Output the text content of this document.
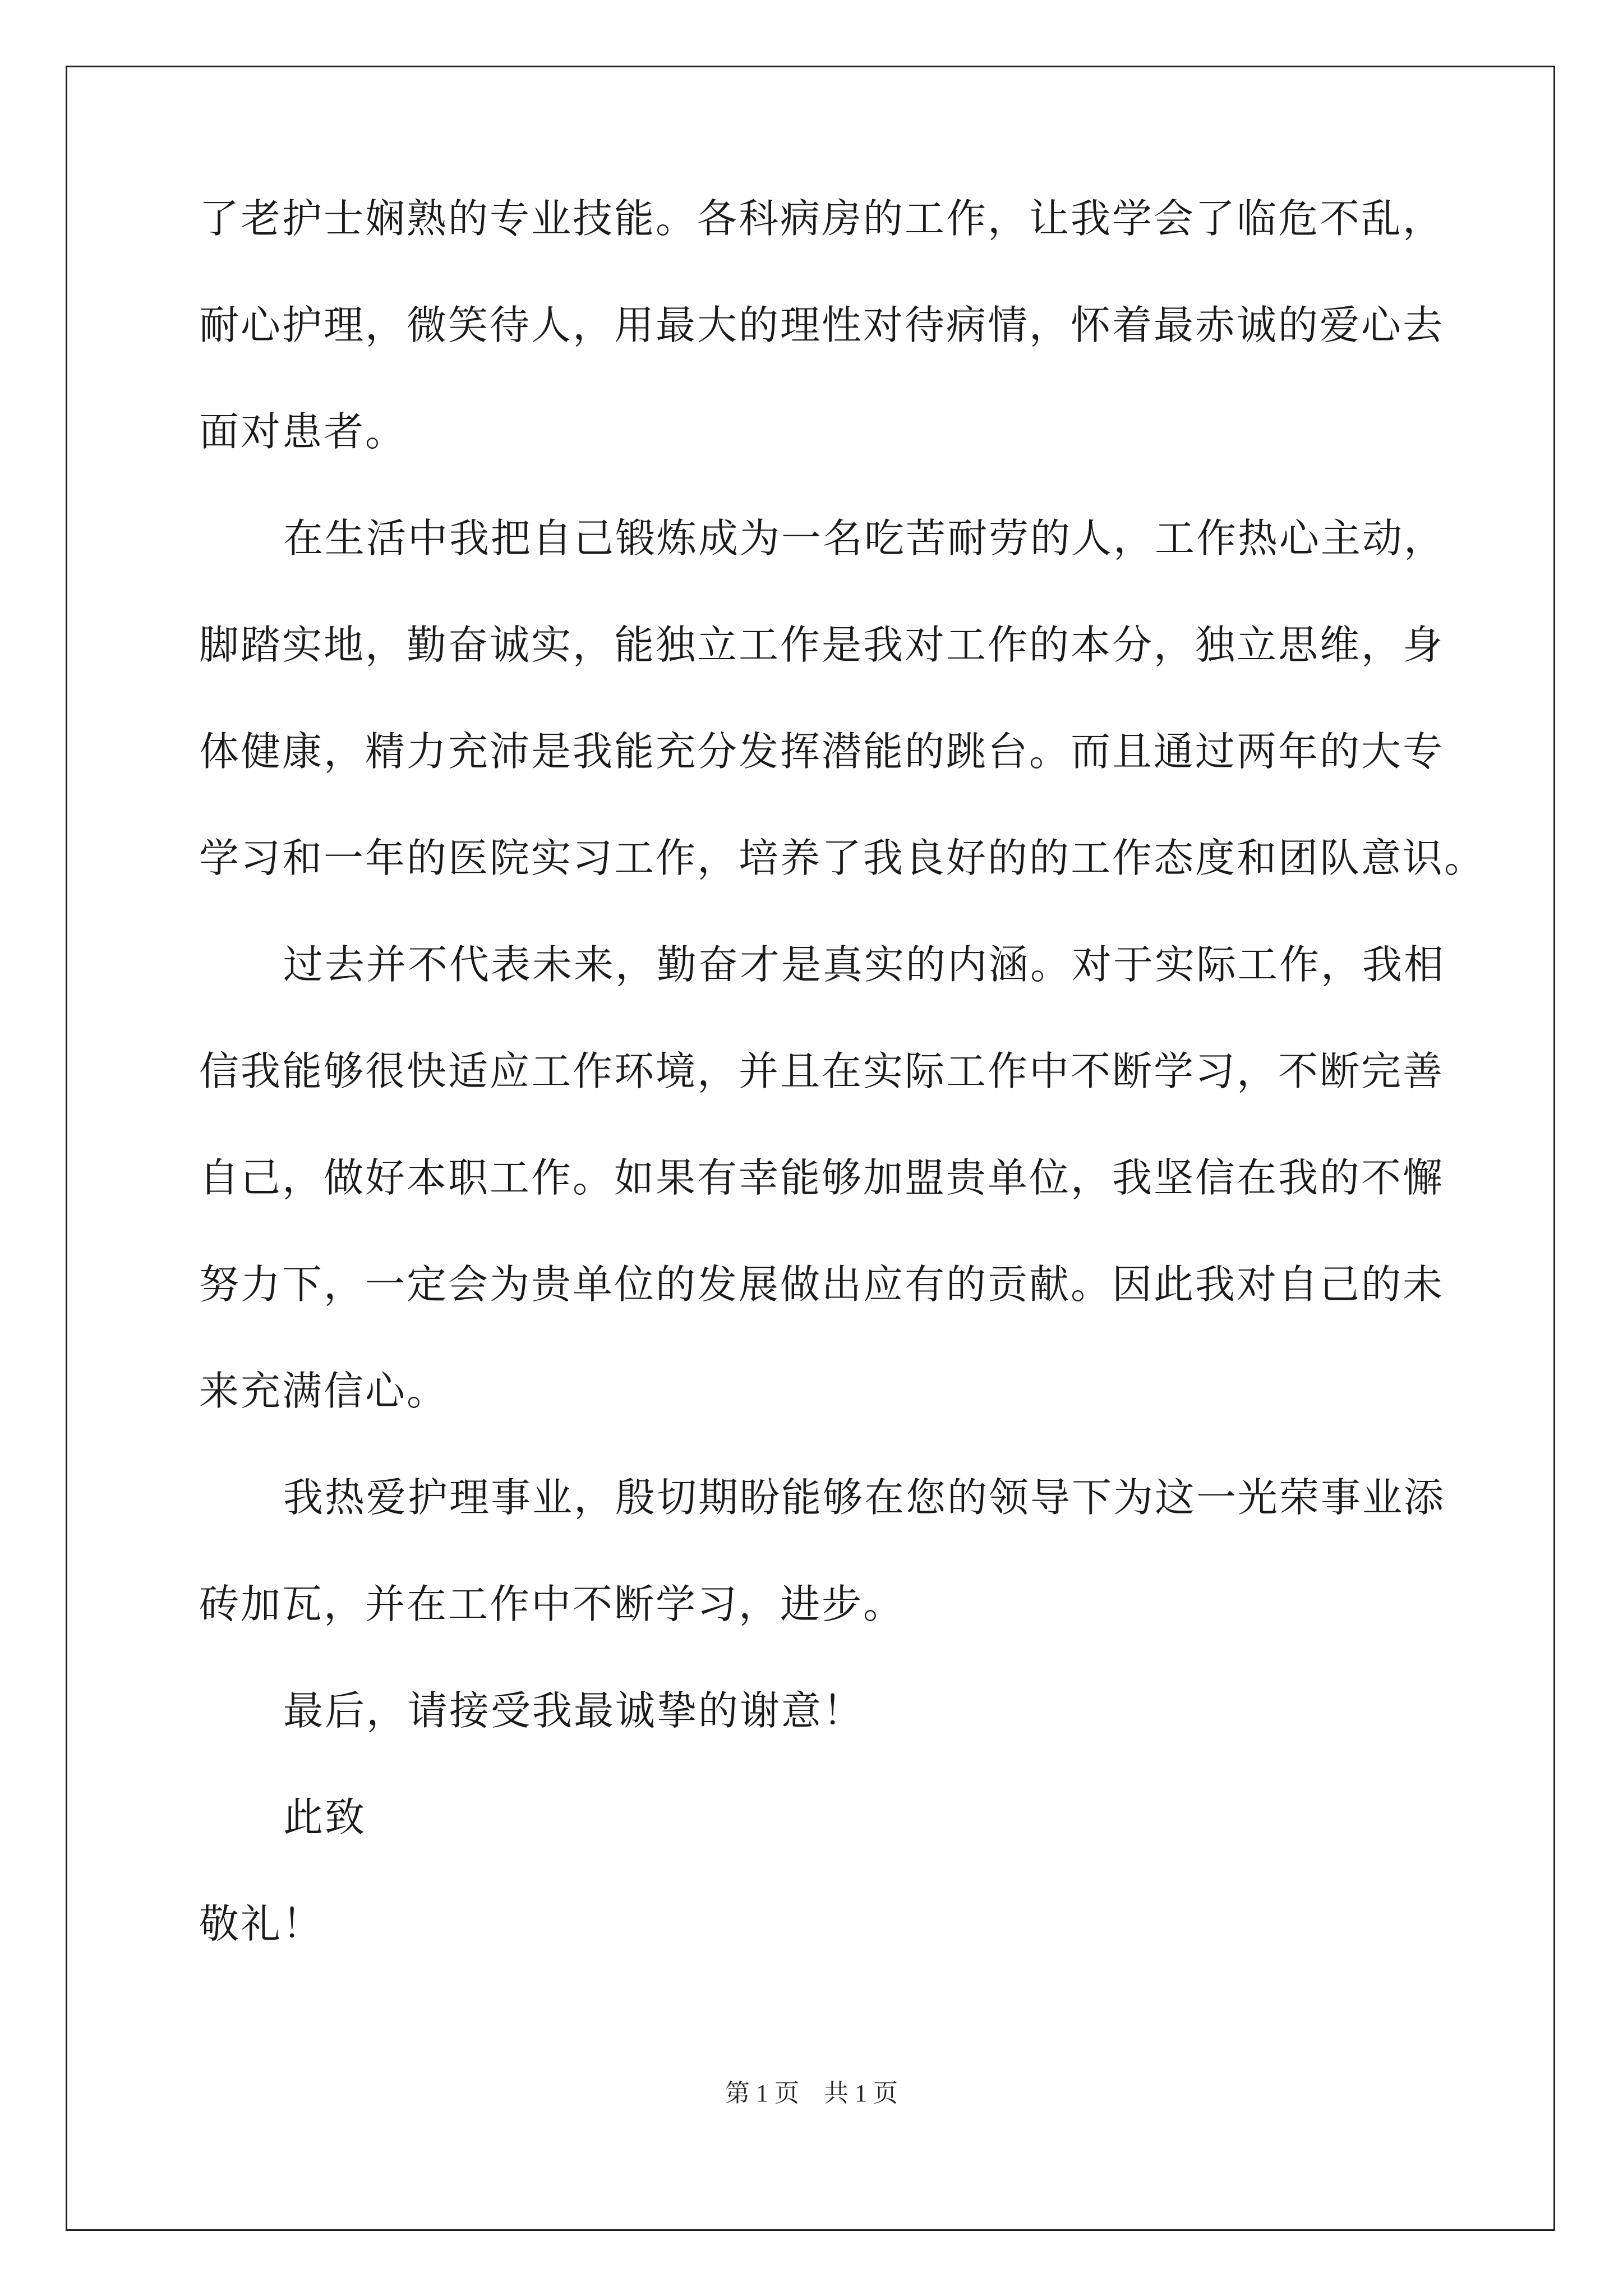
了老护士娴熟的专业技能。各科病房的工作，让我学会了临危不乱，
耐心护理，微笑待人，用最大的理性对待病情，怀着最赤诚的爱心去
面对患者。
在生活中我把自己锻炼成为一名吃苦耐劳的人，工作热心主动，
脚踏实地，勤奋诚实，能独立工作是我对工作的本分，独立思维，身
体健康，精力充沛是我能充分发挥潜能的跳台。而且通过两年的大专
学习和一年的医院实习工作，培养了我良好的的工作态度和团队意识。
过去并不代表未来，勤奋才是真实的内涵。对于实际工作，我相
信我能够很快适应工作环境，并且在实际工作中不断学习，不断完善
自己，做好本职工作。如果有幸能够加盟贵单位，我坚信在我的不懈
努力下，一定会为贵单位的发展做出应有的贡献。因此我对自己的未
来充满信心。
我热爱护理事业，殷切期盼能够在您的领导下为这一光荣事业添
砖加瓦，并在工作中不断学习，进步。
最后，请接受我最诚挚的谢意！
此致
敬礼！
第 1 页　共 1 页
